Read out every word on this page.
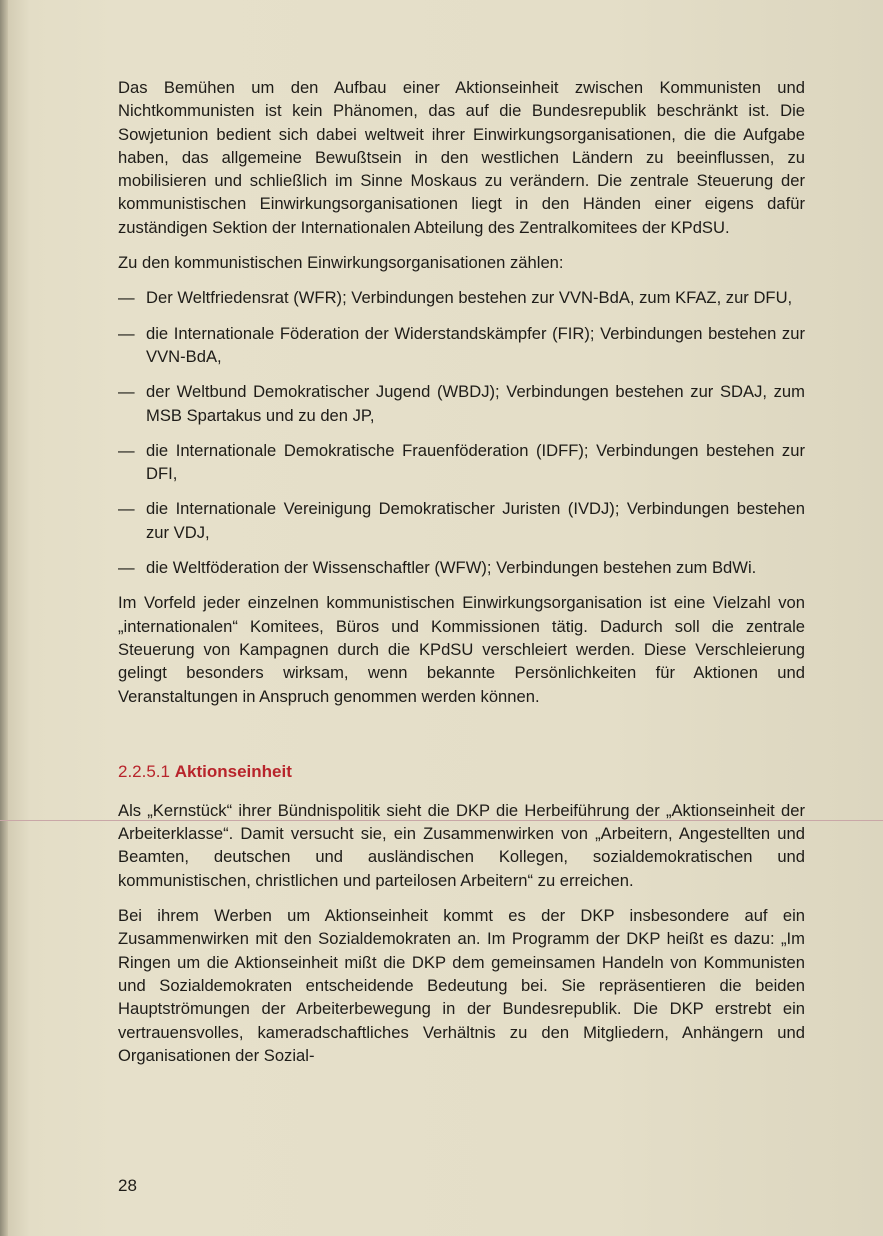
Das Bemühen um den Aufbau einer Aktionseinheit zwischen Kommunisten und Nichtkommunisten ist kein Phänomen, das auf die Bundesrepublik beschränkt ist. Die Sowjetunion bedient sich dabei weltweit ihrer Einwirkungsorganisationen, die die Aufgabe haben, das allgemeine Bewußtsein in den westlichen Ländern zu beeinflussen, zu mobilisieren und schließlich im Sinne Moskaus zu verändern. Die zentrale Steuerung der kommunistischen Einwirkungsorganisationen liegt in den Händen einer eigens dafür zuständigen Sektion der Internationalen Abteilung des Zentralkomitees der KPdSU.

Zu den kommunistischen Einwirkungsorganisationen zählen:

— Der Weltfriedensrat (WFR); Verbindungen bestehen zur VVN-BdA, zum KFAZ, zur DFU,
— die Internationale Föderation der Widerstandskämpfer (FIR); Verbindungen bestehen zur VVN-BdA,
— der Weltbund Demokratischer Jugend (WBDJ); Verbindungen bestehen zur SDAJ, zum MSB Spartakus und zu den JP,
— die Internationale Demokratische Frauenföderation (IDFF); Verbindungen bestehen zur DFI,
— die Internationale Vereinigung Demokratischer Juristen (IVDJ); Verbindungen bestehen zur VDJ,
— die Weltföderation der Wissenschaftler (WFW); Verbindungen bestehen zum BdWi.

Im Vorfeld jeder einzelnen kommunistischen Einwirkungsorganisation ist eine Vielzahl von „internationalen“ Komitees, Büros und Kommissionen tätig. Dadurch soll die zentrale Steuerung von Kampagnen durch die KPdSU verschleiert werden. Diese Verschleierung gelingt besonders wirksam, wenn bekannte Persönlichkeiten für Aktionen und Veranstaltungen in Anspruch genommen werden können.

2.2.5.1 Aktionseinheit

Als „Kernstück“ ihrer Bündnispolitik sieht die DKP die Herbeiführung der „Aktionseinheit der Arbeiterklasse“. Damit versucht sie, ein Zusammenwirken von „Arbeitern, Angestellten und Beamten, deutschen und ausländischen Kollegen, sozialdemokratischen und kommunistischen, christlichen und parteilosen Arbeitern“ zu erreichen.

Bei ihrem Werben um Aktionseinheit kommt es der DKP insbesondere auf ein Zusammenwirken mit den Sozialdemokraten an. Im Programm der DKP heißt es dazu: „Im Ringen um die Aktionseinheit mißt die DKP dem gemeinsamen Handeln von Kommunisten und Sozialdemokraten entscheidende Bedeutung bei. Sie repräsentieren die beiden Hauptströmungen der Arbeiterbewegung in der Bundesrepublik. Die DKP erstrebt ein vertrauensvolles, kameradschaftliches Verhältnis zu den Mitgliedern, Anhängern und Organisationen der Sozial-

28
